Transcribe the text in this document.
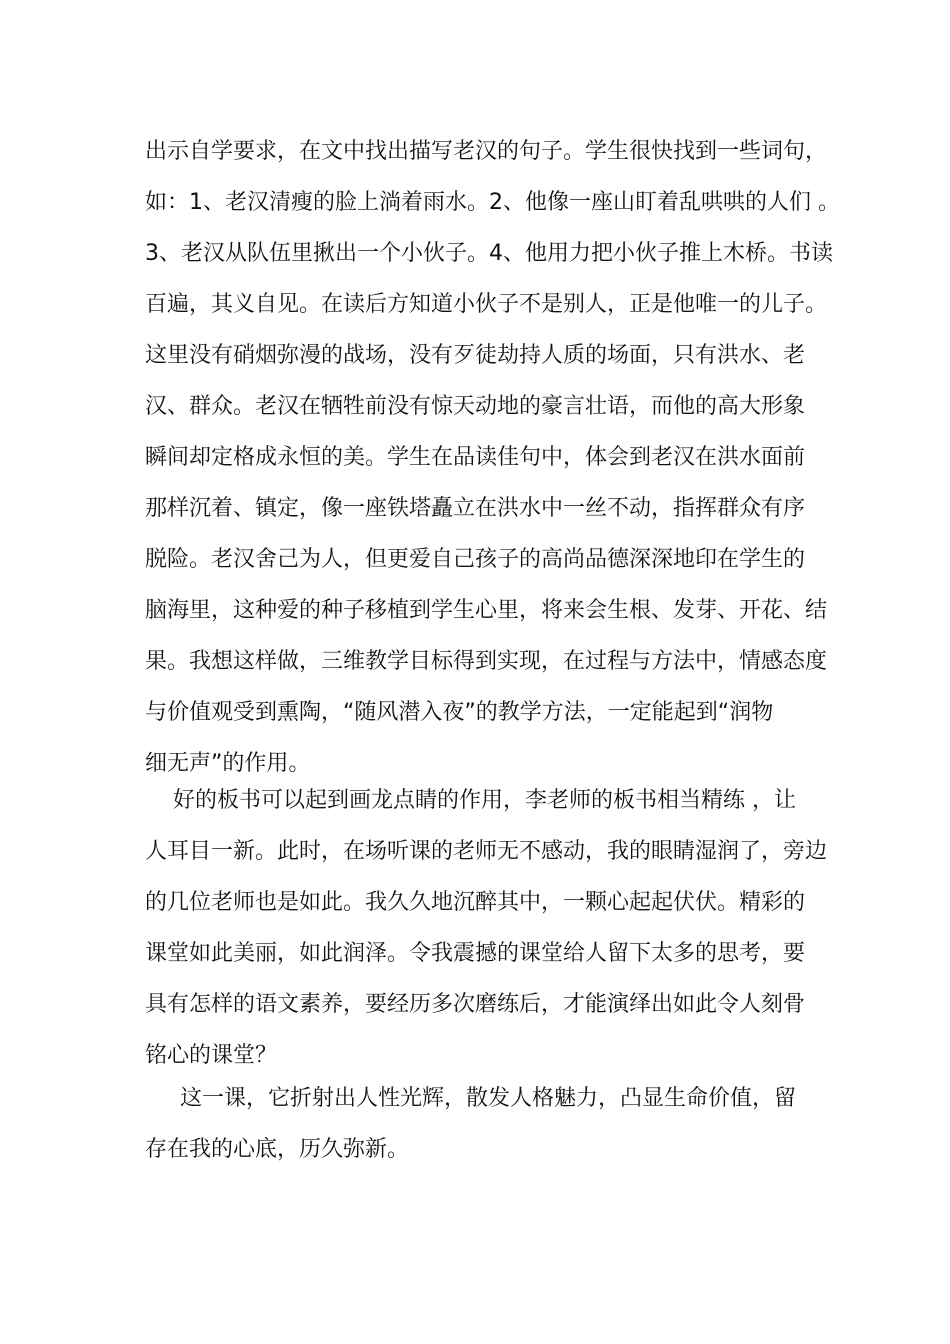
出示自学要求，在文中找出描写老汉的句子。学生很快找到一些词句，
如：1、老汉清瘦的脸上淌着雨水。2、他像一座山盯着乱哄哄的人们 。
3、老汉从队伍里揪出一个小伙子。4、他用力把小伙子推上木桥。书读
百遍，其义自见。在读后方知道小伙子不是别人，正是他唯一的儿子。
这里没有硝烟弥漫的战场，没有歹徒劫持人质的场面，只有洪水、老
汉、群众。老汉在牺牲前没有惊天动地的豪言壮语，而他的高大形象
瞬间却定格成永恒的美。学生在品读佳句中，体会到老汉在洪水面前
那样沉着、镇定，像一座铁塔矗立在洪水中一丝不动，指挥群众有序
脱险。老汉舍己为人，但更爱自己孩子的高尚品德深深地印在学生的
脑海里，这种爱的种子移植到学生心里，将来会生根、发芽、开花、结
果。我想这样做，三维教学目标得到实现，在过程与方法中，情感态度
与价值观受到熏陶，“随风潜入夜”的教学方法，一定能起到“润物
细无声”的作用。
好的板书可以起到画龙点睛的作用，李老师的板书相当精练 ，让
人耳目一新。此时，在场听课的老师无不感动，我的眼睛湿润了，旁边
的几位老师也是如此。我久久地沉醉其中，一颗心起起伏伏。精彩的
课堂如此美丽，如此润泽。令我震撼的课堂给人留下太多的思考，要
具有怎样的语文素养，要经历多次磨练后，才能演绎出如此令人刻骨
铭心的课堂？
这一课，它折射出人性光辉，散发人格魅力，凸显生命价值，留
存在我的心底，历久弥新。
